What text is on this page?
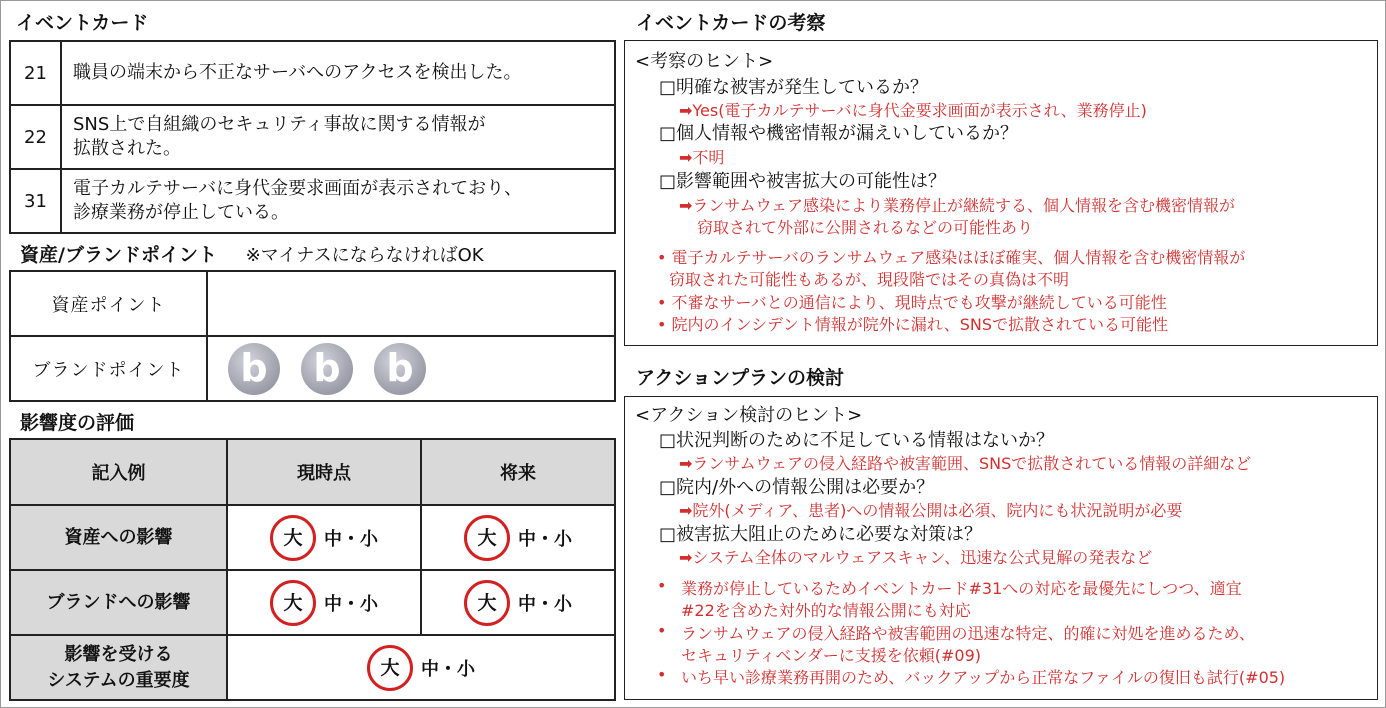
イベントカード
21	職員の端末から不正なサーバへのアクセスを検出した。
22	SNS上で自組織のセキュリティ事故に関する情報が
拡散された。

31	電子カルテサーバに身代金要求画面が表示されており、
診療業務が停止している。
資産/ブランドポイント ※マイナスにならなければOK
資産ポイント	
ブランドポイント	b b b
影響度の評価
記入例	現時点	将来
資産への影響	大 中・小	大 中・小
ブランドへの影響	大 中・小	大 中・小

影響を受ける
システムの重要度	大 中・小	
イベントカードの考察
<考察のヒント>
□明確な被害が発生しているか？
➡Yes(電子カルテサーバに身代金要求画面が表示され、業務停止)
□個人情報や機密情報が漏えいしているか？
➡不明
□影響範囲や被害拡大の可能性は？
➡ランサムウェア感染により業務停止が継続する、個人情報を含む機密情報が
窃取されて外部に公開されるなどの可能性あり
• 電子カルテサーバのランサムウェア感染はほぼ確実、個人情報を含む機密情報が
窃取された可能性もあるが、現段階ではその真偽は不明
• 不審なサーバとの通信により、現時点でも攻撃が継続している可能性
• 院内のインシデント情報が院外に漏れ、SNSで拡散されている可能性
アクションプランの検討
<アクション検討のヒント>
□状況判断のために不足している情報はないか？
➡ランサムウェアの侵入経路や被害範囲、SNSで拡散されている情報の詳細など
□院内/外への情報公開は必要か？
➡院外(メディア、患者)への情報公開は必須、院内にも状況説明が必要
□被害拡大阻止のために必要な対策は？
➡システム全体のマルウェアスキャン、迅速な公式見解の発表など
• 業務が停止しているためイベントカード#31への対応を最優先にしつつ、適宜
#22を含めた対外的な情報公開にも対応
• ランサムウェアの侵入経路や被害範囲の迅速な特定、的確に対処を進めるため、
セキュリティベンダーに支援を依頼(#09)
• いち早い診療業務再開のため、バックアップから正常なファイルの復旧も試行(#05)
